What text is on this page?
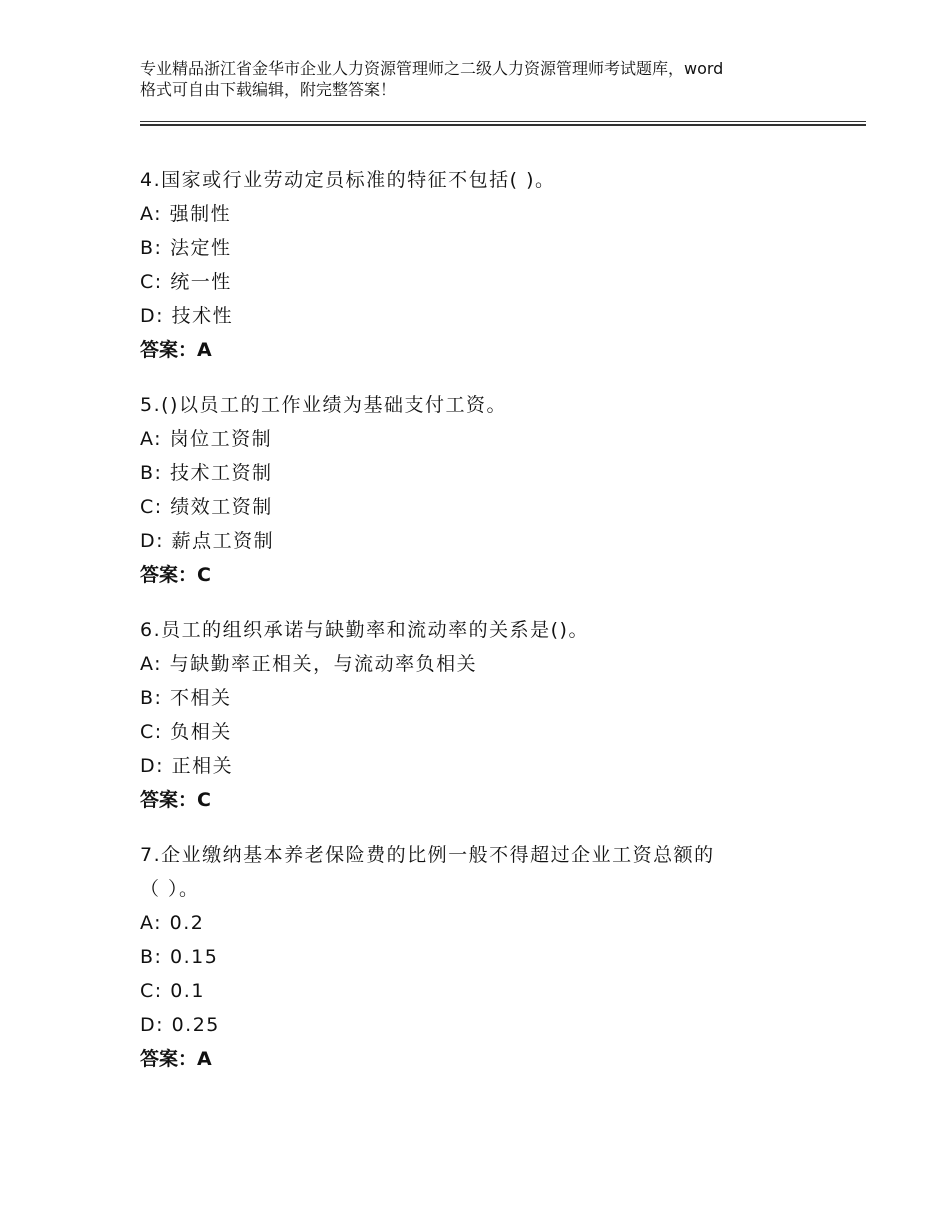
专业精品浙江省金华市企业人力资源管理师之二级人力资源管理师考试题库，word
格式可自由下载编辑，附完整答案！
4.国家或行业劳动定员标准的特征不包括( )。
A: 强制性
B: 法定性
C: 统一性
D: 技术性
答案：A
5.()以员工的工作业绩为基础支付工资。
A: 岗位工资制
B: 技术工资制
C: 绩效工资制
D: 薪点工资制
答案：C
6.员工的组织承诺与缺勤率和流动率的关系是()。
A: 与缺勤率正相关，与流动率负相关
B: 不相关
C: 负相关
D: 正相关
答案：C
7.企业缴纳基本养老保险费的比例一般不得超过企业工资总额的
（ ）。
A: 0.2
B: 0.15
C: 0.1
D: 0.25
答案：A
